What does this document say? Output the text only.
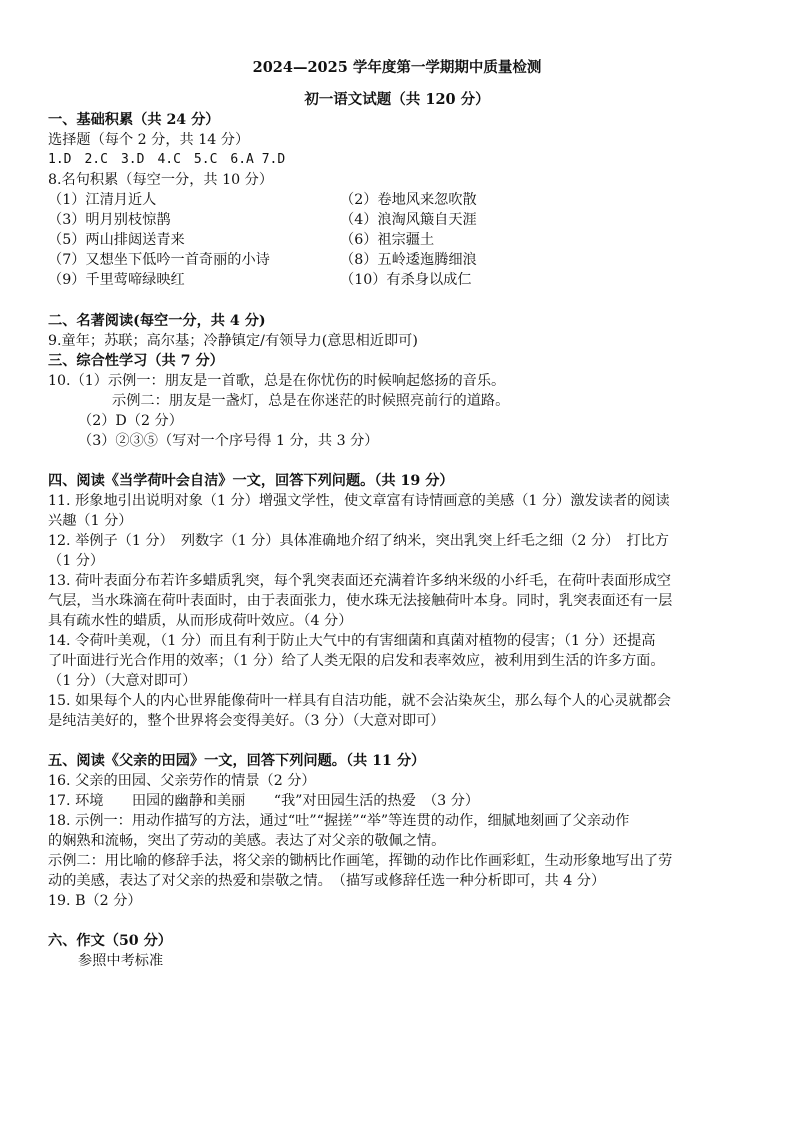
2024—2025 学年度第一学期期中质量检测
初一语文试题（共 120 分）
一、基础积累（共 24 分）
选择题（每个 2 分，共 14 分）
1.D　2.C　3.D　4.C　5.C　6.A 7.D
8.名句积累（每空一分，共 10 分）
（1）江清月近人	（2）卷地风来忽吹散
（3）明月别枝惊鹊	（4）浪淘风簸自天涯
（5）两山排闼送青来	（6）祖宗疆土
（7）又想坐下低吟一首奇丽的小诗	（8）五岭逶迤腾细浪
（9）千里莺啼绿映红	（10）有杀身以成仁
二、名著阅读(每空一分，共 4 分)
9.童年；苏联；高尔基；冷静镇定/有领导力(意思相近即可)
三、综合性学习（共 7 分）
10.（1）示例一：朋友是一首歌，总是在你忧伤的时候响起悠扬的音乐。
示例二：朋友是一盏灯，总是在你迷茫的时候照亮前行的道路。
（2）D（2 分）
（3）②③⑤（写对一个序号得 1 分，共 3 分）
四、阅读《当学荷叶会自洁》一文，回答下列问题。（共 19 分）
11. 形象地引出说明对象（1 分）增强文学性，使文章富有诗情画意的美感（1 分）激发读者的阅读
兴趣（1 分）
12. 举例子（1 分）　列数字（1 分）具体准确地介绍了纳米，突出乳突上纤毛之细（2 分）　打比方
（1 分）
13. 荷叶表面分布若许多蜡质乳突，每个乳突表面还充满着许多纳米级的小纤毛，在荷叶表面形成空
气层，当水珠滴在荷叶表面时，由于表面张力，使水珠无法接触荷叶本身。同时，乳突表面还有一层
具有疏水性的蜡质，从而形成荷叶效应。（4 分）
14. 令荷叶美观，（1 分）而且有利于防止大气中的有害细菌和真菌对植物的侵害；（1 分）还提高
了叶面进行光合作用的效率；（1 分）给了人类无限的启发和表率效应，被利用到生活的许多方面。
（1 分）（大意对即可）
15. 如果每个人的内心世界能像荷叶一样具有自洁功能，就不会沾染灰尘，那么每个人的心灵就都会
是纯洁美好的，整个世界将会变得美好。（3 分）（大意对即可）
五、阅读《父亲的田园》一文，回答下列问题。（共 11 分）
16. 父亲的田园、父亲劳作的情景（2 分）
17. 环境　　田园的幽静和美丽　　“我”对田园生活的热爱　（3 分）
18. 示例一：用动作描写的方法，通过“吐”“握搓”“举”等连贯的动作，细腻地刻画了父亲动作
的娴熟和流畅，突出了劳动的美感。表达了对父亲的敬佩之情。
示例二：用比喻的修辞手法，将父亲的锄柄比作画笔，挥锄的动作比作画彩虹，生动形象地写出了劳
动的美感，表达了对父亲的热爱和崇敬之情。　（描写或修辞任选一种分析即可，共 4 分）
19. B（2 分）
六、作文（50 分）
参照中考标准
